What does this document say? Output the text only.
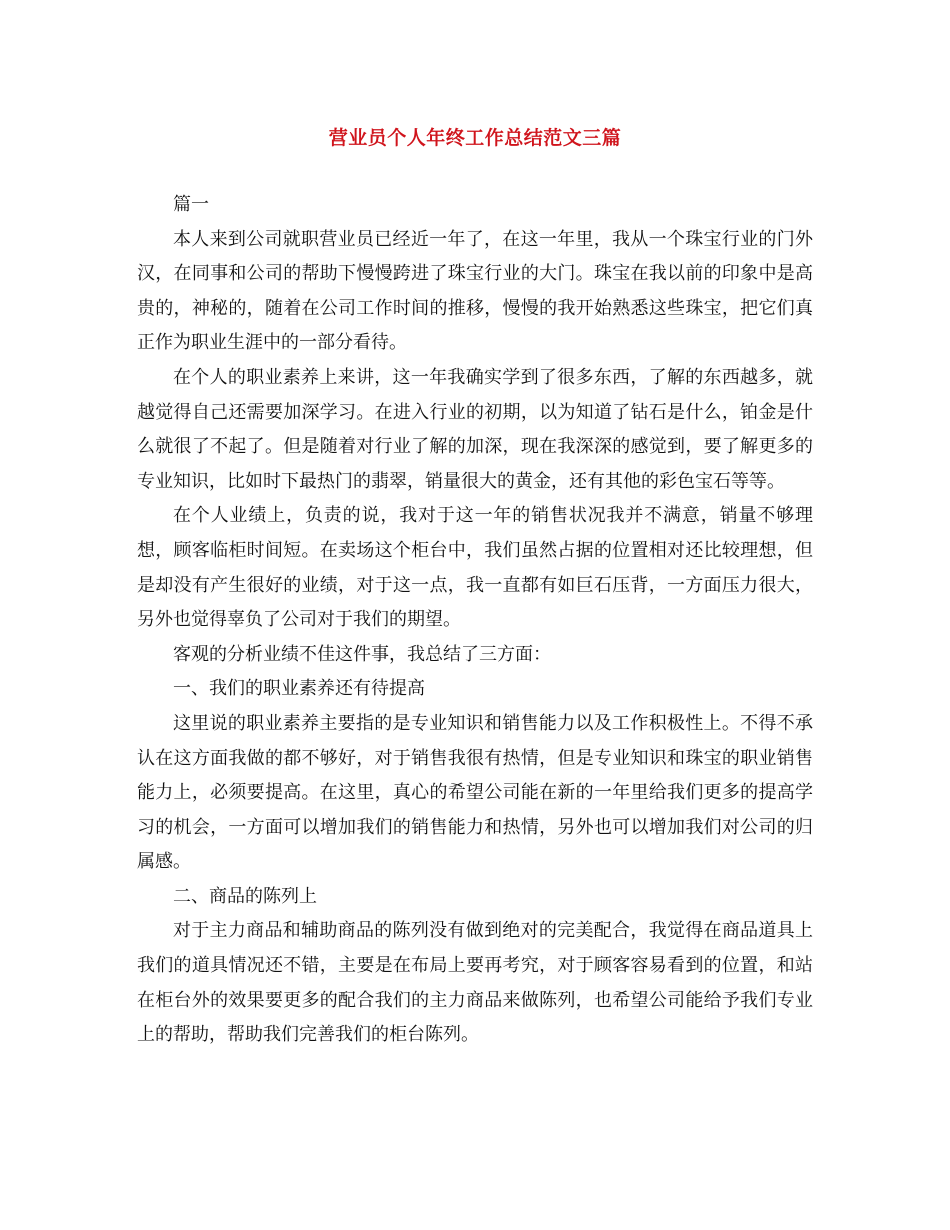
营业员个人年终工作总结范文三篇

篇一

本人来到公司就职营业员已经近一年了，在这一年里，我从一个珠宝行业的门外汉，在同事和公司的帮助下慢慢跨进了珠宝行业的大门。珠宝在我以前的印象中是高贵的，神秘的，随着在公司工作时间的推移，慢慢的我开始熟悉这些珠宝，把它们真正作为职业生涯中的一部分看待。

在个人的职业素养上来讲，这一年我确实学到了很多东西，了解的东西越多，就越觉得自己还需要加深学习。在进入行业的初期，以为知道了钻石是什么，铂金是什么就很了不起了。但是随着对行业了解的加深，现在我深深的感觉到，要了解更多的专业知识，比如时下最热门的翡翠，销量很大的黄金，还有其他的彩色宝石等等。

在个人业绩上，负责的说，我对于这一年的销售状况我并不满意，销量不够理想，顾客临柜时间短。在卖场这个柜台中，我们虽然占据的位置相对还比较理想，但是却没有产生很好的业绩，对于这一点，我一直都有如巨石压背，一方面压力很大，另外也觉得辜负了公司对于我们的期望。

客观的分析业绩不佳这件事，我总结了三方面：

一、我们的职业素养还有待提高

这里说的职业素养主要指的是专业知识和销售能力以及工作积极性上。不得不承认在这方面我做的都不够好，对于销售我很有热情，但是专业知识和珠宝的职业销售能力上，必须要提高。在这里，真心的希望公司能在新的一年里给我们更多的提高学习的机会，一方面可以增加我们的销售能力和热情，另外也可以增加我们对公司的归属感。

二、商品的陈列上

对于主力商品和辅助商品的陈列没有做到绝对的完美配合，我觉得在商品道具上我们的道具情况还不错，主要是在布局上要再考究，对于顾客容易看到的位置，和站在柜台外的效果要更多的配合我们的主力商品来做陈列，也希望公司能给予我们专业上的帮助，帮助我们完善我们的柜台陈列。
